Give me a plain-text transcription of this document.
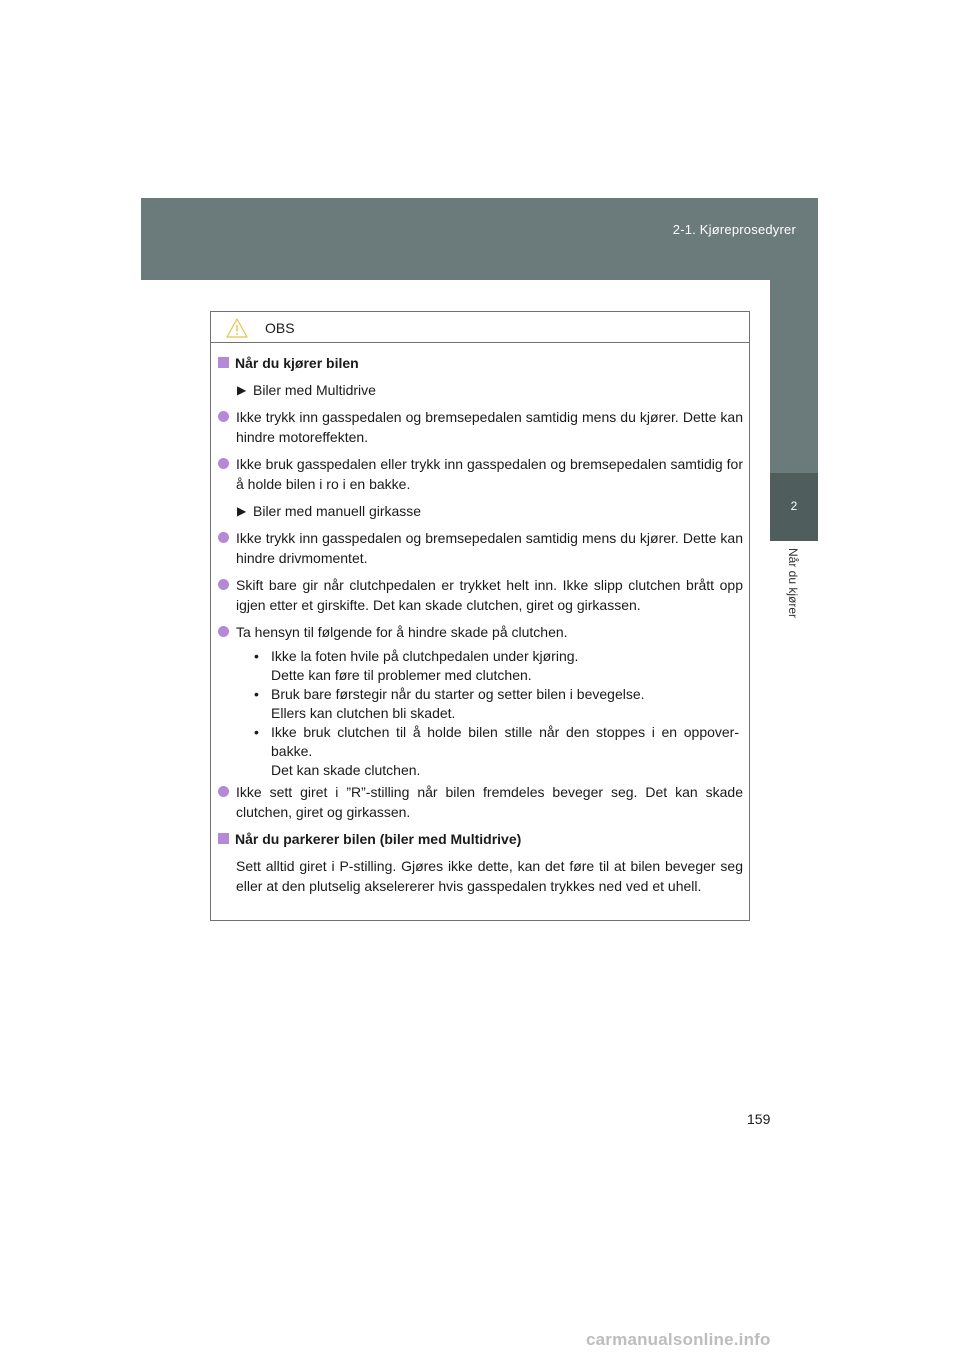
2-1. Kjøreprosedyrer
2
Når du kjører
OBS
Når du kjører bilen
▶ Biler med Multidrive
Ikke trykk inn gasspedalen og bremsepedalen samtidig mens du kjører. Dette kan hindre motoreffekten.
Ikke bruk gasspedalen eller trykk inn gasspedalen og bremsepedalen samtidig for å holde bilen i ro i en bakke.
▶ Biler med manuell girkasse
Ikke trykk inn gasspedalen og bremsepedalen samtidig mens du kjører. Dette kan hindre drivmomentet.
Skift bare gir når clutchpedalen er trykket helt inn. Ikke slipp clutchen brått opp igjen etter et girskifte. Det kan skade clutchen, giret og girkassen.
Ta hensyn til følgende for å hindre skade på clutchen.
• Ikke la foten hvile på clutchpedalen under kjøring.
Dette kan føre til problemer med clutchen.
• Bruk bare førstegir når du starter og setter bilen i bevegelse.
Ellers kan clutchen bli skadet.
• Ikke bruk clutchen til å holde bilen stille når den stoppes i en oppover-
bakke.
Det kan skade clutchen.
Ikke sett giret i ”R”-stilling når bilen fremdeles beveger seg. Det kan skade clutchen, giret og girkassen.
Når du parkerer bilen (biler med Multidrive)
Sett alltid giret i P-stilling. Gjøres ikke dette, kan det føre til at bilen beveger seg eller at den plutselig akselererer hvis gasspedalen trykkes ned ved et uhell.
159
carmanualsonline.info
